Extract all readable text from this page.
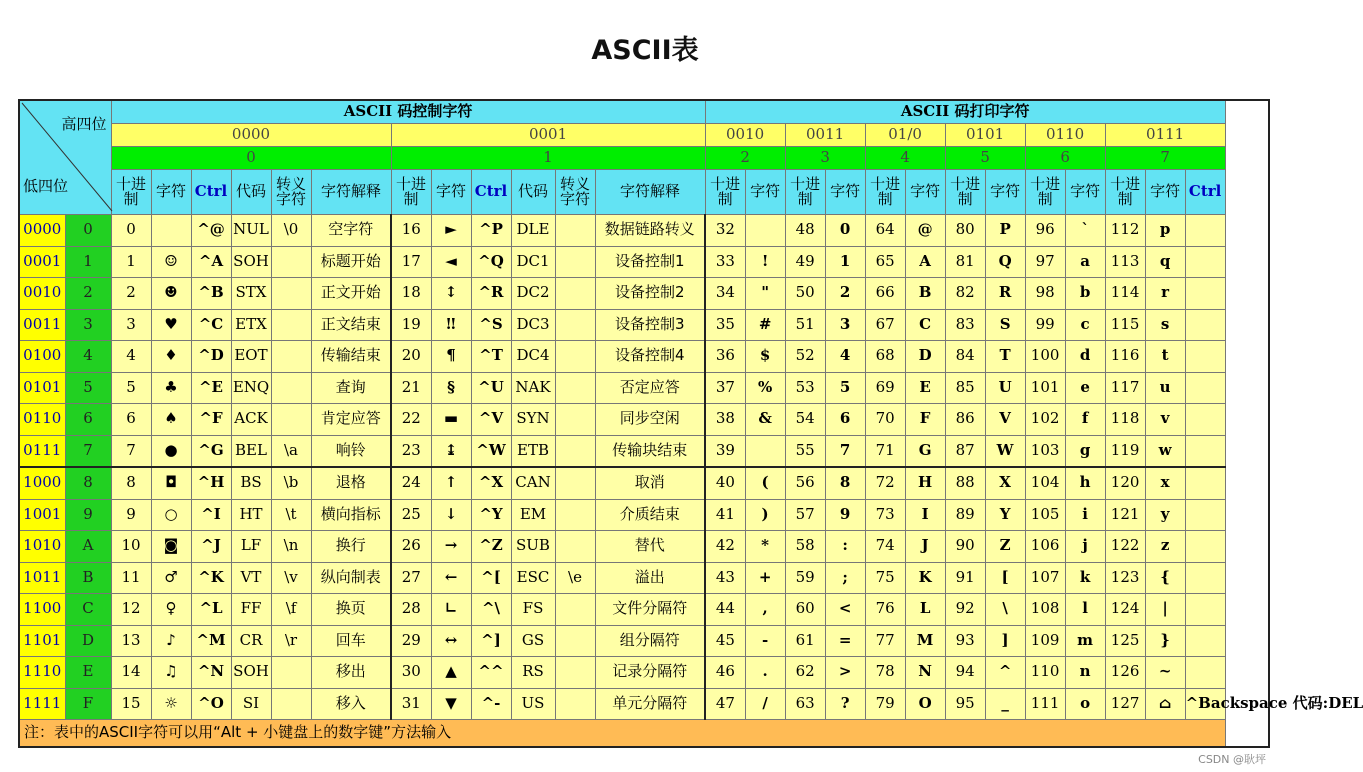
ASCII表
高四位
低四位		ASCII 码控制字符												ASCII 码打印字符												
		0000						0001						0010		0011		01/0		0101		0110		0111		
		0						1						2		3		4		5		6		7		
		十进制	字符	Ctrl	代码	转义字符	字符解释	十进制	字符	Ctrl	代码	转义字符	字符解释	十进制	字符	十进制	字符	十进制	字符	十进制	字符	十进制	字符	十进制	字符	Ctrl
0000	0	0		^@	NUL	\0	空字符	16	►	^P	DLE		数据链路转义	32		48	0	64	@	80	P	96	`	112	p	
0001	1	1	☺	^A	SOH		标题开始	17	◄	^Q	DC1		设备控制1	33	!	49	1	65	A	81	Q	97	a	113	q	
0010	2	2	☻	^B	STX		正文开始	18	↕	^R	DC2		设备控制2	34	"	50	2	66	B	82	R	98	b	114	r	
0011	3	3	♥	^C	ETX		正文结束	19	‼	^S	DC3		设备控制3	35	#	51	3	67	C	83	S	99	c	115	s	
0100	4	4	♦	^D	EOT		传输结束	20	¶	^T	DC4		设备控制4	36	$	52	4	68	D	84	T	100	d	116	t	
0101	5	5	♣	^E	ENQ		查询	21	§	^U	NAK		否定应答	37	%	53	5	69	E	85	U	101	e	117	u	
0110	6	6	♠	^F	ACK		肯定应答	22	▬	^V	SYN		同步空闲	38	&	54	6	70	F	86	V	102	f	118	v	
0111	7	7	●	^G	BEL	\a	响铃	23	↨	^W	ETB		传输块结束	39		55	7	71	G	87	W	103	g	119	w	
1000	8	8	◘	^H	BS	\b	退格	24	↑	^X	CAN		取消	40	(	56	8	72	H	88	X	104	h	120	x	
1001	9	9	○	^I	HT	\t	横向指标	25	↓	^Y	EM		介质结束	41	)	57	9	73	I	89	Y	105	i	121	y	
1010	A	10	◙	^J	LF	\n	换行	26	→	^Z	SUB		替代	42	*	58	:	74	J	90	Z	106	j	122	z	
1011	B	11	♂	^K	VT	\v	纵向制表	27	←	^[	ESC	\e	溢出	43	+	59	;	75	K	91	[	107	k	123	{	
1100	C	12	♀	^L	FF	\f	换页	28	∟	^\	FS		文件分隔符	44	,	60	<	76	L	92	\	108	l	124	|	
1101	D	13	♪	^M	CR	\r	回车	29	↔	^]	GS		组分隔符	45	-	61	=	77	M	93	]	109	m	125	}	
1110	E	14	♫	^N	SOH		移出	30	▲	^^	RS		记录分隔符	46	.	62	>	78	N	94	^	110	n	126	~	
1111	F	15	☼	^O	SI		移入	31	▼	^-	US		单元分隔符	47	/	63	?	79	O	95	_	111	o	127	⌂	^Backspace 代码:DEL
注：表中的ASCII字符可以用“Alt + 小键盘上的数字键”方法输入																										
CSDN @耿坪
